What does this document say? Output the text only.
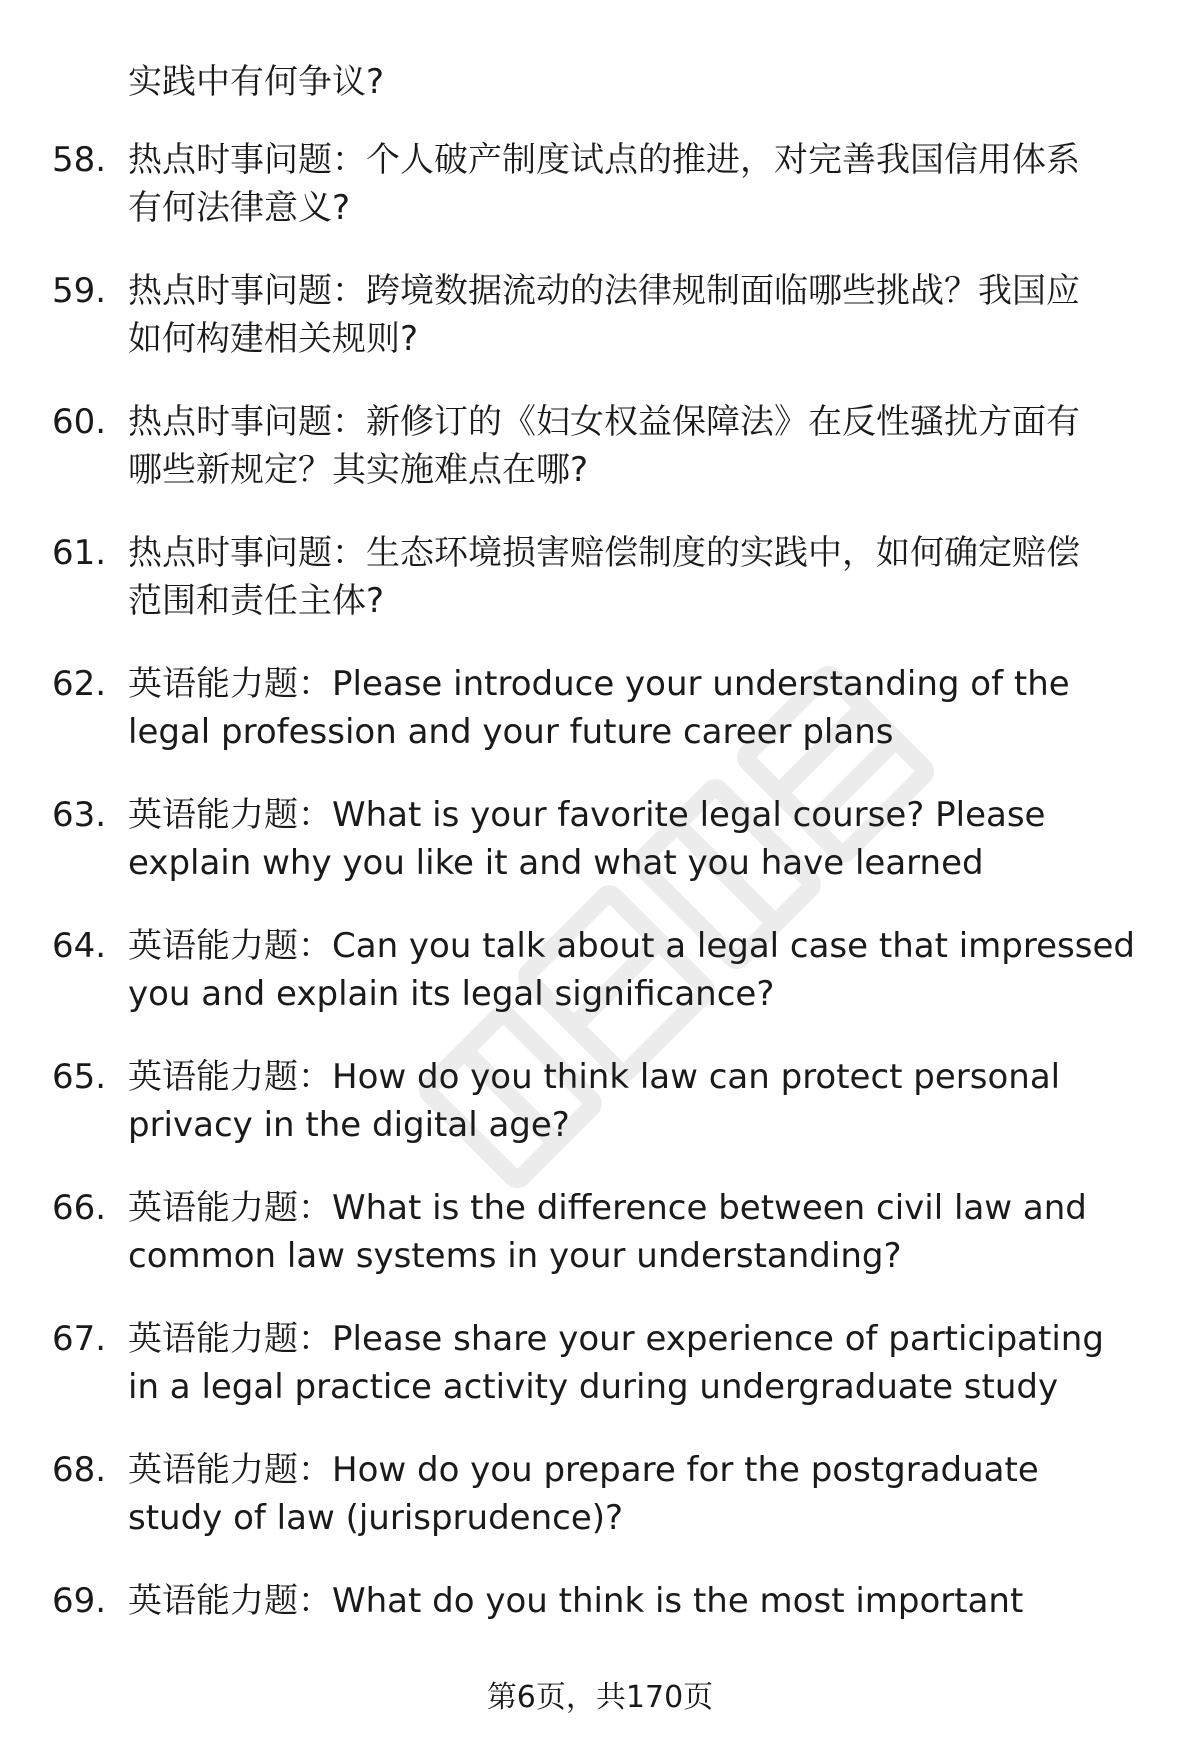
实践中有何争议?
58. 热点时事问题：个人破产制度试点的推进，对完善我国信用体系
有何法律意义?
59. 热点时事问题：跨境数据流动的法律规制面临哪些挑战？我国应
如何构建相关规则?
60. 热点时事问题：新修订的《妇女权益保障法》在反性骚扰方面有
哪些新规定？其实施难点在哪?
61. 热点时事问题：生态环境损害赔偿制度的实践中，如何确定赔偿
范围和责任主体?
62. 英语能力题：Please introduce your understanding of the
legal profession and your future career plans
63. 英语能力题：What is your favorite legal course? Please
explain why you like it and what you have learned
64. 英语能力题：Can you talk about a legal case that impressed
you and explain its legal significance?
65. 英语能力题：How do you think law can protect personal
privacy in the digital age?
66. 英语能力题：What is the difference between civil law and
common law systems in your understanding?
67. 英语能力题：Please share your experience of participating
in a legal practice activity during undergraduate study
68. 英语能力题：How do you prepare for the postgraduate
study of law (jurisprudence)?
69. 英语能力题：What do you think is the most important
第6页，共170页
